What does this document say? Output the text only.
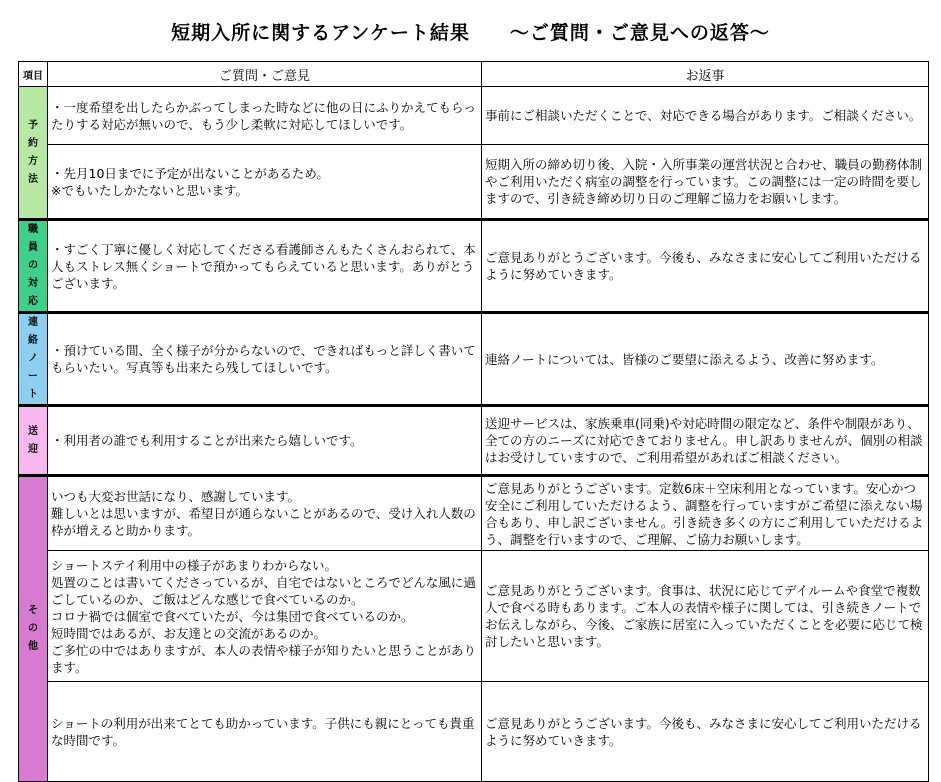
短期入所に関するアンケート結果　　～ご質問・ご意見への返答～
項目	ご質問・ご意見	お返事

予
約
方
法	・一度希望を出したらかぶってしまった時などに他の日にふりかえてもらったりする対応が無いので、もう少し柔軟に対応してほしいです。	事前にご相談いただくことで、対応できる場合があります。ご相談ください。
	・先月10日までに予定が出ないことがあるため。
※でもいたしかたないと思います。	短期入所の締め切り後、入院・入所事業の運営状況と合わせ、職員の勤務体制やご利用いただく病室の調整を行っています。この調整には一定の時間を要しますので、引き続き締め切り日のご理解ご協力をお願いします。

職
員
の
対
応	・すごく丁寧に優しく対応してくださる看護師さんもたくさんおられて、本人もストレス無くショートで預かってもらえていると思います。ありがとうございます。	ご意見ありがとうございます。今後も、みなさまに安心してご利用いただけるように努めていきます。

連
絡
ノ
ー
ト	・預けている間、全く様子が分からないので、できればもっと詳しく書いてもらいたい。写真等も出来たら残してほしいです。	連絡ノートについては、皆様のご要望に添えるよう、改善に努めます。

送
迎	・利用者の誰でも利用することが出来たら嬉しいです。	送迎サービスは、家族乗車(同乗)や対応時間の限定など、条件や制限があり、全ての方のニーズに対応できておりません。申し訳ありませんが、個別の相談はお受けしていますので、ご利用希望があればご相談ください。

そ
の
他	いつも大変お世話になり、感謝しています。
難しいとは思いますが、希望日が通らないことがあるので、受け入れ人数の枠が増えると助かります。	ご意見ありがとうございます。定数6床＋空床利用となっています。安心かつ安全にご利用していただけるよう、調整を行っていますがご希望に添えない場合もあり、申し訳ございません。引き続き多くの方にご利用していただけるよう、調整を行いますので、ご理解、ご協力お願いします。
	ショートステイ利用中の様子があまりわからない。
処置のことは書いてくださっているが、自宅ではないところでどんな風に過ごしているのか、ご飯はどんな感じで食べているのか。
コロナ禍では個室で食べていたが、今は集団で食べているのか。
短時間ではあるが、お友達との交流があるのか。
ご多忙の中ではありますが、本人の表情や様子が知りたいと思うことがあります。	ご意見ありがとうございます。食事は、状況に応じてデイルームや食堂で複数人で食べる時もあります。ご本人の表情や様子に関しては、引き続きノートでお伝えしながら、今後、ご家族に居室に入っていただくことを必要に応じて検討したいと思います。
	ショートの利用が出来てとても助かっています。子供にも親にとっても貴重な時間です。	ご意見ありがとうございます。今後も、みなさまに安心してご利用いただけるように努めていきます。
